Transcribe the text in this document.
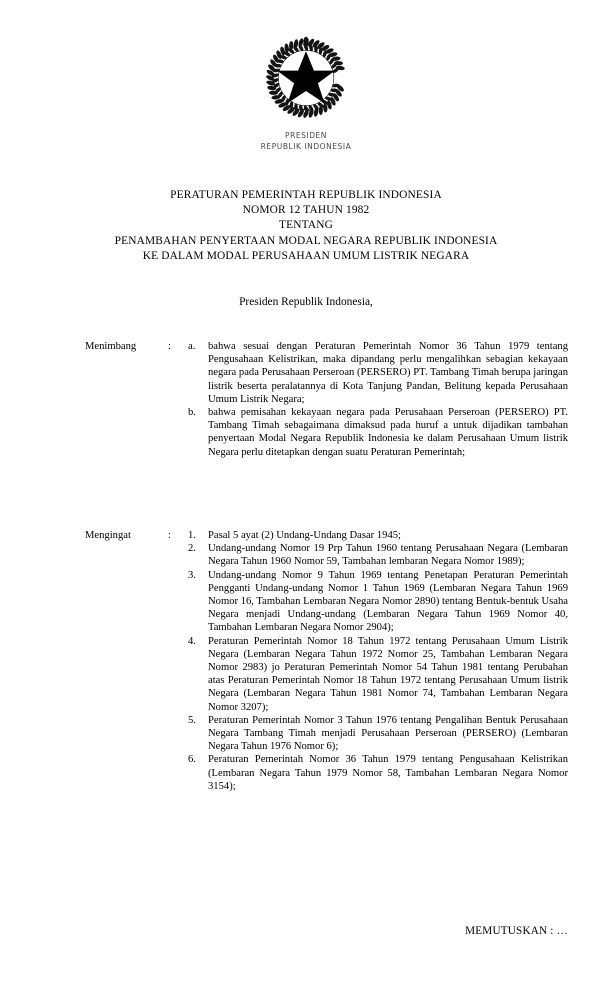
PRESIDEN
REPUBLIK INDONESIA
PERATURAN PEMERINTAH REPUBLIK INDONESIA
NOMOR 12 TAHUN 1982
TENTANG
PENAMBAHAN PENYERTAAN MODAL NEGARA REPUBLIK INDONESIA
KE DALAM MODAL PERUSAHAAN UMUM LISTRIK NEGARA
Presiden Republik Indonesia,
Menimbang	:	a.	bahwa sesuai dengan Peraturan Pemerintah Nomor 36 Tahun 1979 tentang Pengusahaan Kelistrikan, maka dipandang perlu mengalihkan sebagian kekayaan negara pada Perusahaan Perseroan (PERSERO) PT. Tambang Timah berupa jaringan listrik beserta peralatannya di Kota Tanjung Pandan, Belitung kepada Perusahaan Umum Listrik Negara;
b.	bahwa pemisahan kekayaan negara pada Perusahaan Perseroan (PERSERO) PT. Tambang Timah sebagaimana dimaksud pada huruf a untuk dijadikan tambahan penyertaan Modal Negara Republik Indonesia ke dalam Perusahaan Umum listrik Negara perlu ditetapkan dengan suatu Peraturan Pemerintah;
Mengingat	:	1.	Pasal 5 ayat (2) Undang-Undang Dasar 1945;
2.	Undang-undang Nomor 19 Prp Tahun 1960 tentang Perusahaan Negara (Lembaran Negara Tahun 1960 Nomor 59, Tambahan lembaran Negara Nomor 1989);
3.	Undang-undang Nomor 9 Tahun 1969 tentang Penetapan Peraturan Pemerintah Pengganti Undang-undang Nomor 1 Tahun 1969 (Lembaran Negara Tahun 1969 Nomor 16, Tambahan Lembaran Negara Nomor 2890) tentang Bentuk-bentuk Usaha Negara menjadi Undang-undang (Lembaran Negara Tahun 1969 Nomor 40, Tambahan Lembaran Negara Nomor 2904);
4.	Peraturan Pemerintah Nomor 18 Tahun 1972 tentang Perusahaan Umum Listrik Negara (Lembaran Negara Tahun 1972 Nomor 25, Tambahan Lembaran Negara Nomor 2983) jo Peraturan Pemerintah Nomor 54 Tahun 1981 tentang Perubahan atas Peraturan Pemerintah Nomor 18 Tahun 1972 tentang Perusahaan Umum listrik Negara (Lembaran Negara Tahun 1981 Nomor 74, Tambahan Lembaran Negara Nomor 3207);
5.	Peraturan Pemerintah Nomor 3 Tahun 1976 tentang Pengalihan Bentuk Perusahaan Negara Tambang Timah menjadi Perusahaan Perseroan (PERSERO) (Lembaran Negara Tahun 1976 Nomor 6);
6.	Peraturan Pemerintah Nomor 36 Tahun 1979 tentang Pengusahaan Kelistrikan (Lembaran Negara Tahun 1979 Nomor 58, Tambahan Lembaran Negara Nomor 3154);
MEMUTUSKAN : …
